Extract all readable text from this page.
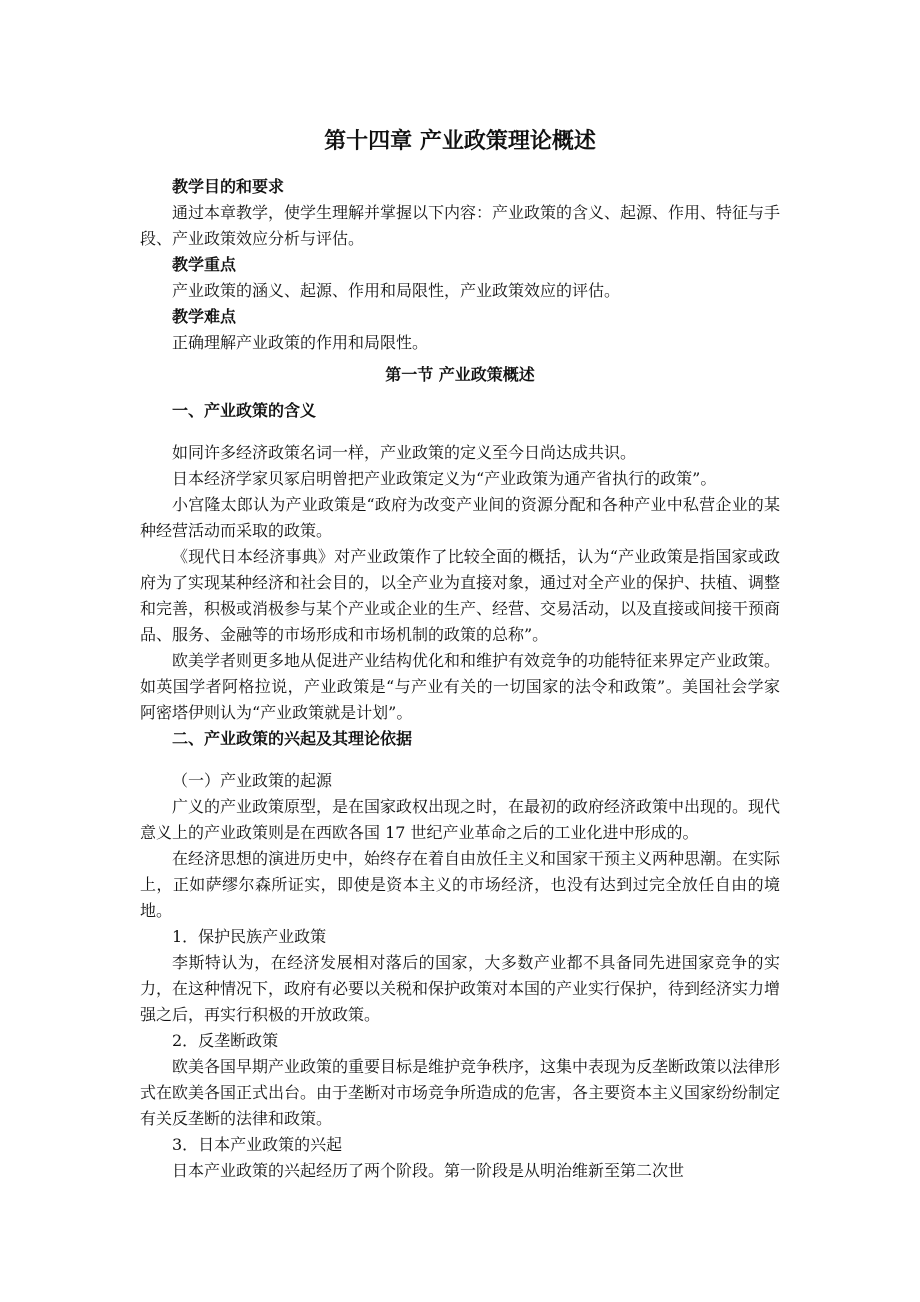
第十四章 产业政策理论概述

教学目的和要求

通过本章教学，使学生理解并掌握以下内容：产业政策的含义、起源、作用、特征与手段、产业政策效应分析与评估。

教学重点

产业政策的涵义、起源、作用和局限性，产业政策效应的评估。

教学难点

正确理解产业政策的作用和局限性。

第一节 产业政策概述

一、产业政策的含义

如同许多经济政策名词一样，产业政策的定义至今日尚达成共识。

日本经济学家贝冢启明曾把产业政策定义为“产业政策为通产省执行的政策”。

小宫隆太郎认为产业政策是“政府为改变产业间的资源分配和各种产业中私营企业的某种经营活动而采取的政策。

《现代日本经济事典》对产业政策作了比较全面的概括，认为“产业政策是指国家或政府为了实现某种经济和社会目的，以全产业为直接对象，通过对全产业的保护、扶植、调整和完善，积极或消极参与某个产业或企业的生产、经营、交易活动，以及直接或间接干预商品、服务、金融等的市场形成和市场机制的政策的总称”。

欧美学者则更多地从促进产业结构优化和和维护有效竞争的功能特征来界定产业政策。如英国学者阿格拉说，产业政策是“与产业有关的一切国家的法令和政策”。美国社会学家阿密塔伊则认为“产业政策就是计划”。

二、产业政策的兴起及其理论依据

（一）产业政策的起源

广义的产业政策原型，是在国家政权出现之时，在最初的政府经济政策中出现的。现代意义上的产业政策则是在西欧各国 17 世纪产业革命之后的工业化进中形成的。

在经济思想的演进历史中，始终存在着自由放任主义和国家干预主义两种思潮。在实际上，正如萨缪尔森所证实，即使是资本主义的市场经济，也没有达到过完全放任自由的境地。

1．保护民族产业政策

李斯特认为，在经济发展相对落后的国家，大多数产业都不具备同先进国家竞争的实力，在这种情况下，政府有必要以关税和保护政策对本国的产业实行保护，待到经济实力增强之后，再实行积极的开放政策。

2．反垄断政策

欧美各国早期产业政策的重要目标是维护竞争秩序，这集中表现为反垄断政策以法律形式在欧美各国正式出台。由于垄断对市场竞争所造成的危害，各主要资本主义国家纷纷制定有关反垄断的法律和政策。

3．日本产业政策的兴起

日本产业政策的兴起经历了两个阶段。第一阶段是从明治维新至第二次世
